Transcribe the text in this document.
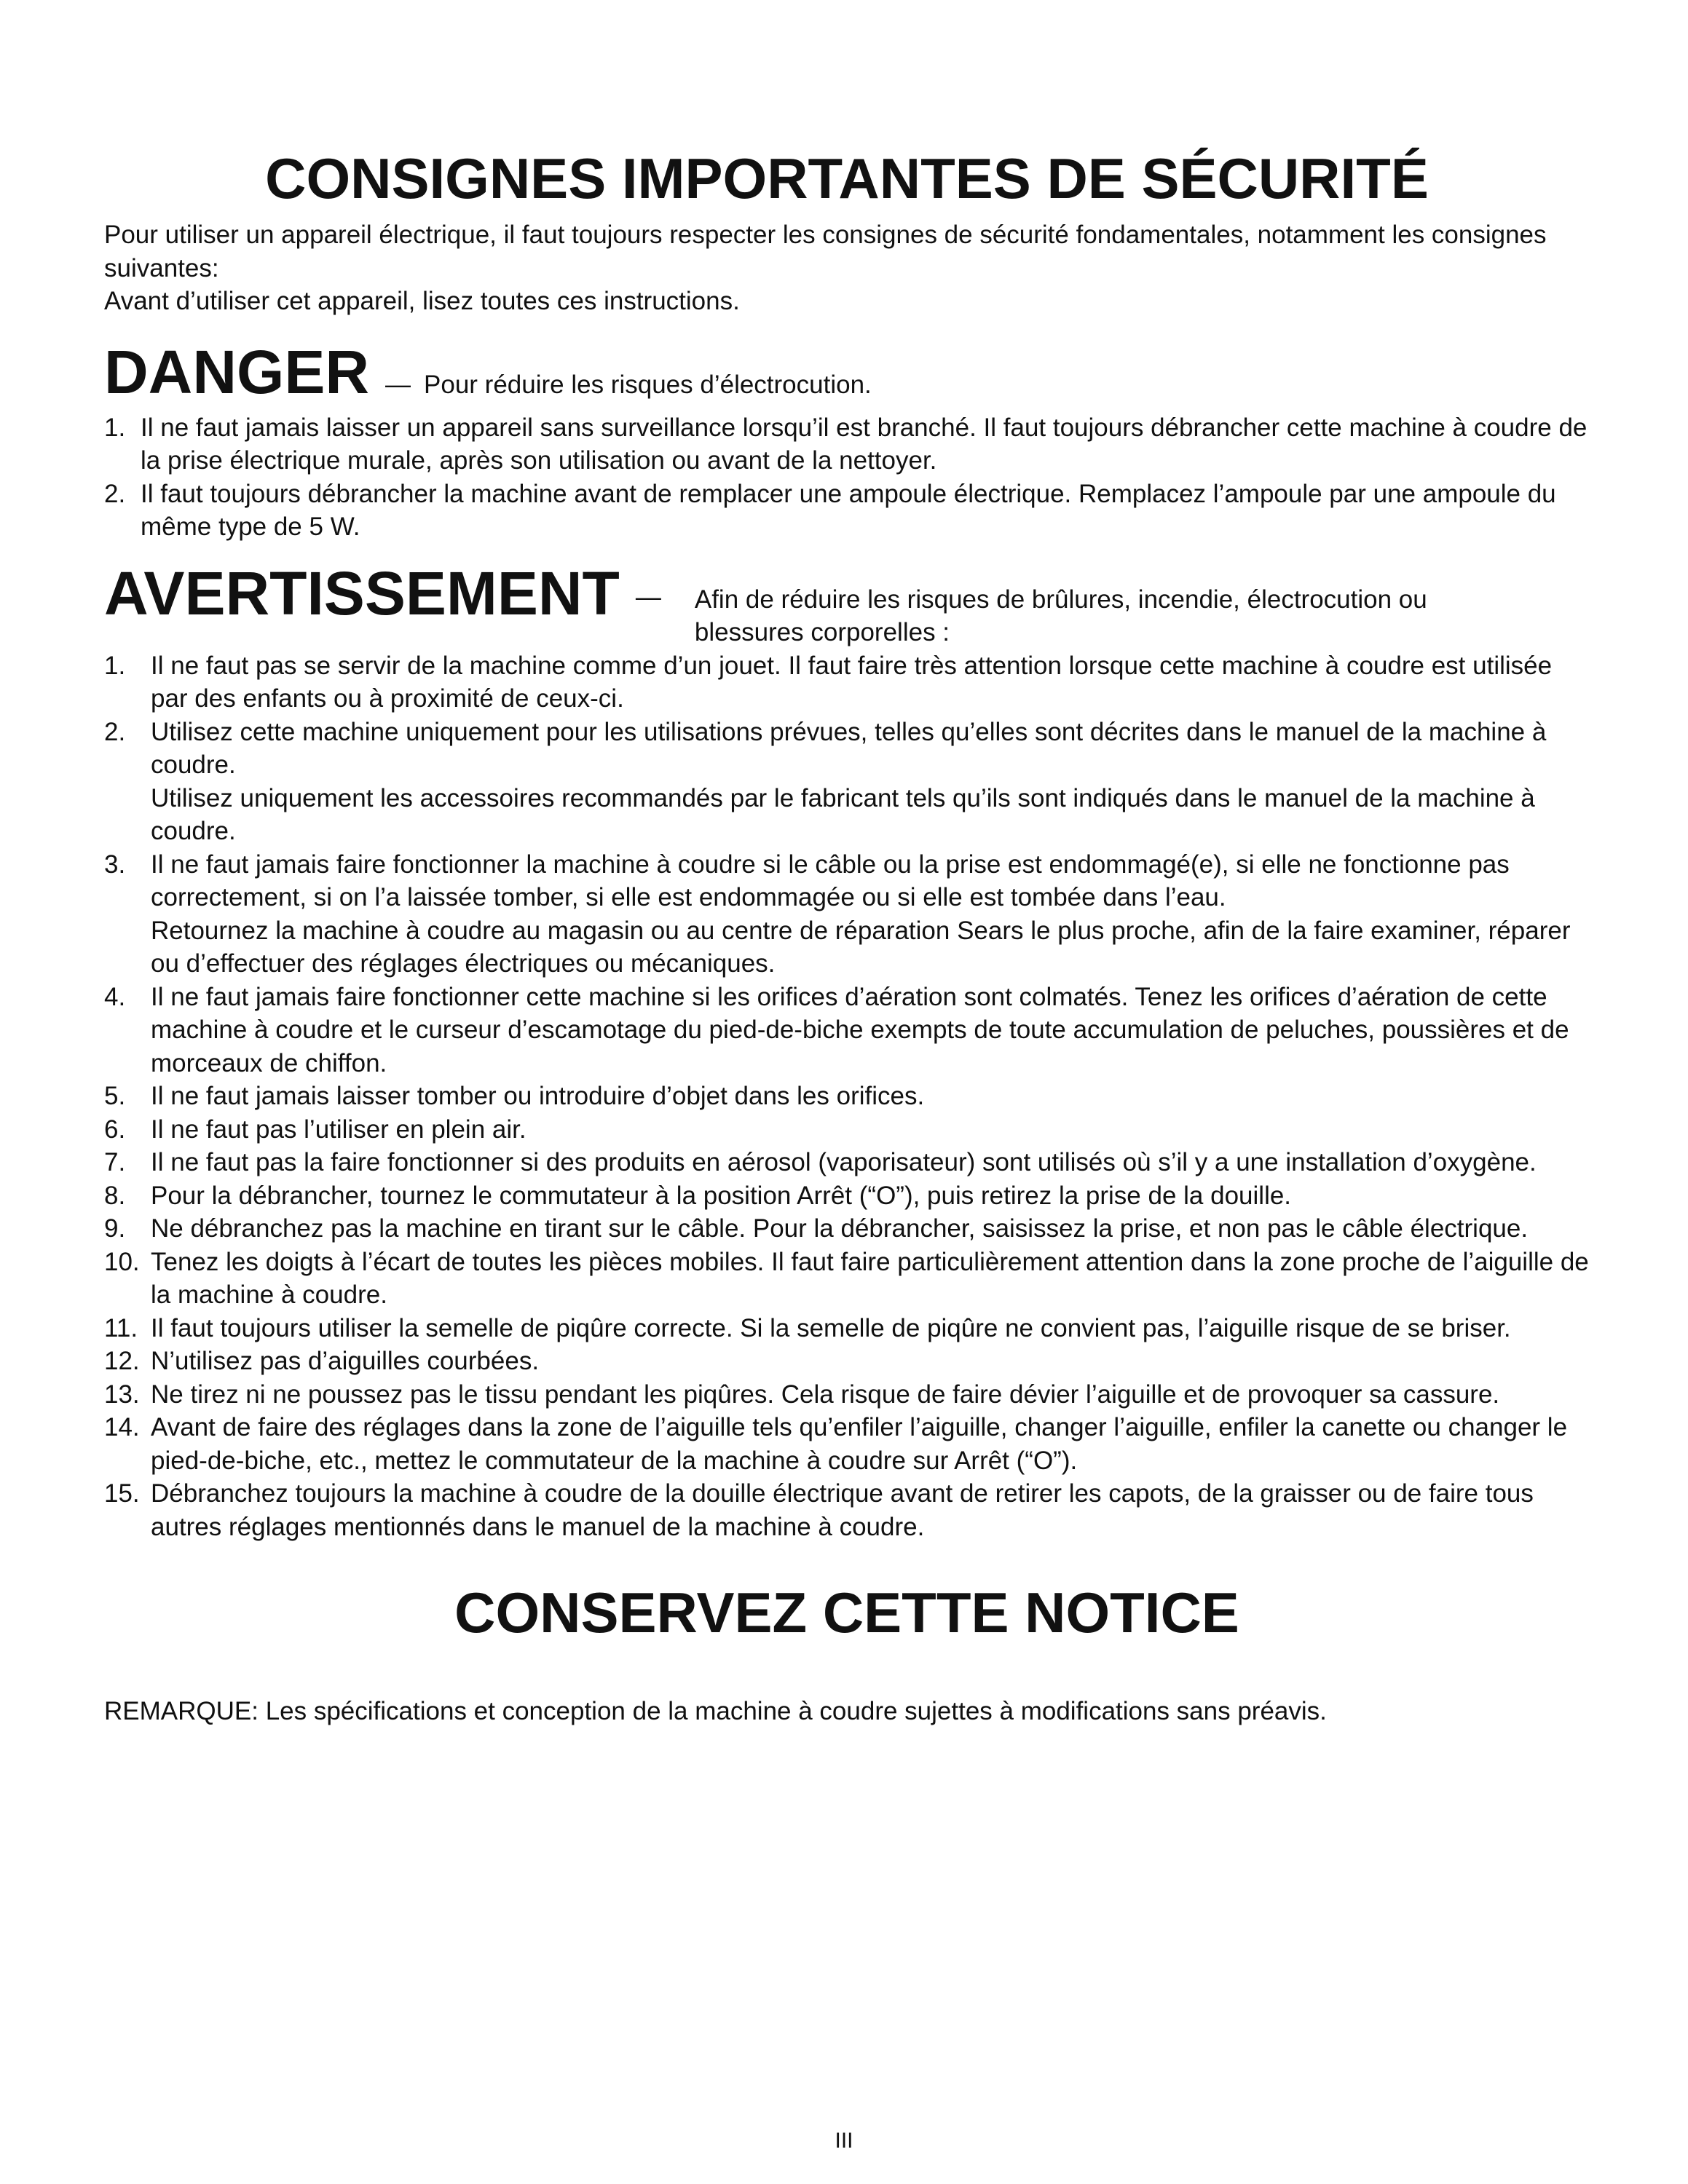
CONSIGNES IMPORTANTES DE SÉCURITÉ

Pour utiliser un appareil électrique, il faut toujours respecter les consignes de sécurité fondamentales, notamment les consignes suivantes:

Avant d’utiliser cet appareil, lisez toutes ces instructions.

DANGER — Pour réduire les risques d’électrocution.
1. Il ne faut jamais laisser un appareil sans surveillance lorsqu’il est branché. Il faut toujours débrancher cette machine à coudre de la prise électrique murale, après son utilisation ou avant de la nettoyer.
2. Il faut toujours débrancher la machine avant de remplacer une ampoule électrique. Remplacez l’ampoule par une ampoule du même type de 5 W.
AVERTISSEMENT — Afin de réduire les risques de brûlures, incendie, électrocution ou blessures corporelles :
1. Il ne faut pas se servir de la machine comme d’un jouet. Il faut faire très attention lorsque cette machine à coudre est utilisée par des enfants ou à proximité de ceux-ci.
2. Utilisez cette machine uniquement pour les utilisations prévues, telles qu’elles sont décrites dans le manuel de la machine à coudre.
Utilisez uniquement les accessoires recommandés par le fabricant tels qu’ils sont indiqués dans le manuel de la machine à coudre.
3. Il ne faut jamais faire fonctionner la machine à coudre si le câble ou la prise est endommagé(e), si elle ne fonctionne pas correctement, si on l’a laissée tomber, si elle est endommagée ou si elle est tombée dans l’eau.
Retournez la machine à coudre au magasin ou au centre de réparation Sears le plus proche, afin de la faire examiner, réparer ou d’effectuer des réglages électriques ou mécaniques.
4. Il ne faut jamais faire fonctionner cette machine si les orifices d’aération sont colmatés. Tenez les orifices d’aération de cette machine à coudre et le curseur d’escamotage du pied-de-biche exempts de toute accumulation de peluches, poussières et de morceaux de chiffon.
5. Il ne faut jamais laisser tomber ou introduire d’objet dans les orifices.
6. Il ne faut pas l’utiliser en plein air.
7. Il ne faut pas la faire fonctionner si des produits en aérosol (vaporisateur) sont utilisés où s’il y a une installation d’oxygène.
8. Pour la débrancher, tournez le commutateur à la position Arrêt (“O”), puis retirez la prise de la douille.
9. Ne débranchez pas la machine en tirant sur le câble. Pour la débrancher, saisissez la prise, et non pas le câble électrique.
10. Tenez les doigts à l’écart de toutes les pièces mobiles. Il faut faire particulièrement attention dans la zone proche de l’aiguille de la machine à coudre.
11. Il faut toujours utiliser la semelle de piqûre correcte. Si la semelle de piqûre ne convient pas, l’aiguille risque de se briser.
12. N’utilisez pas d’aiguilles courbées.
13. Ne tirez ni ne poussez pas le tissu pendant les piqûres. Cela risque de faire dévier l’aiguille et de provoquer sa cassure.
14. Avant de faire des réglages dans la zone de l’aiguille tels qu’enfiler l’aiguille, changer l’aiguille, enfiler la canette ou changer le pied-de-biche, etc., mettez le commutateur de la machine à coudre sur Arrêt (“O”).
15. Débranchez toujours la machine à coudre de la douille électrique avant de retirer les capots, de la graisser ou de faire tous autres réglages mentionnés dans le manuel de la machine à coudre.
CONSERVEZ CETTE NOTICE

REMARQUE: Les spécifications et conception de la machine à coudre sujettes à modifications sans préavis.

III
